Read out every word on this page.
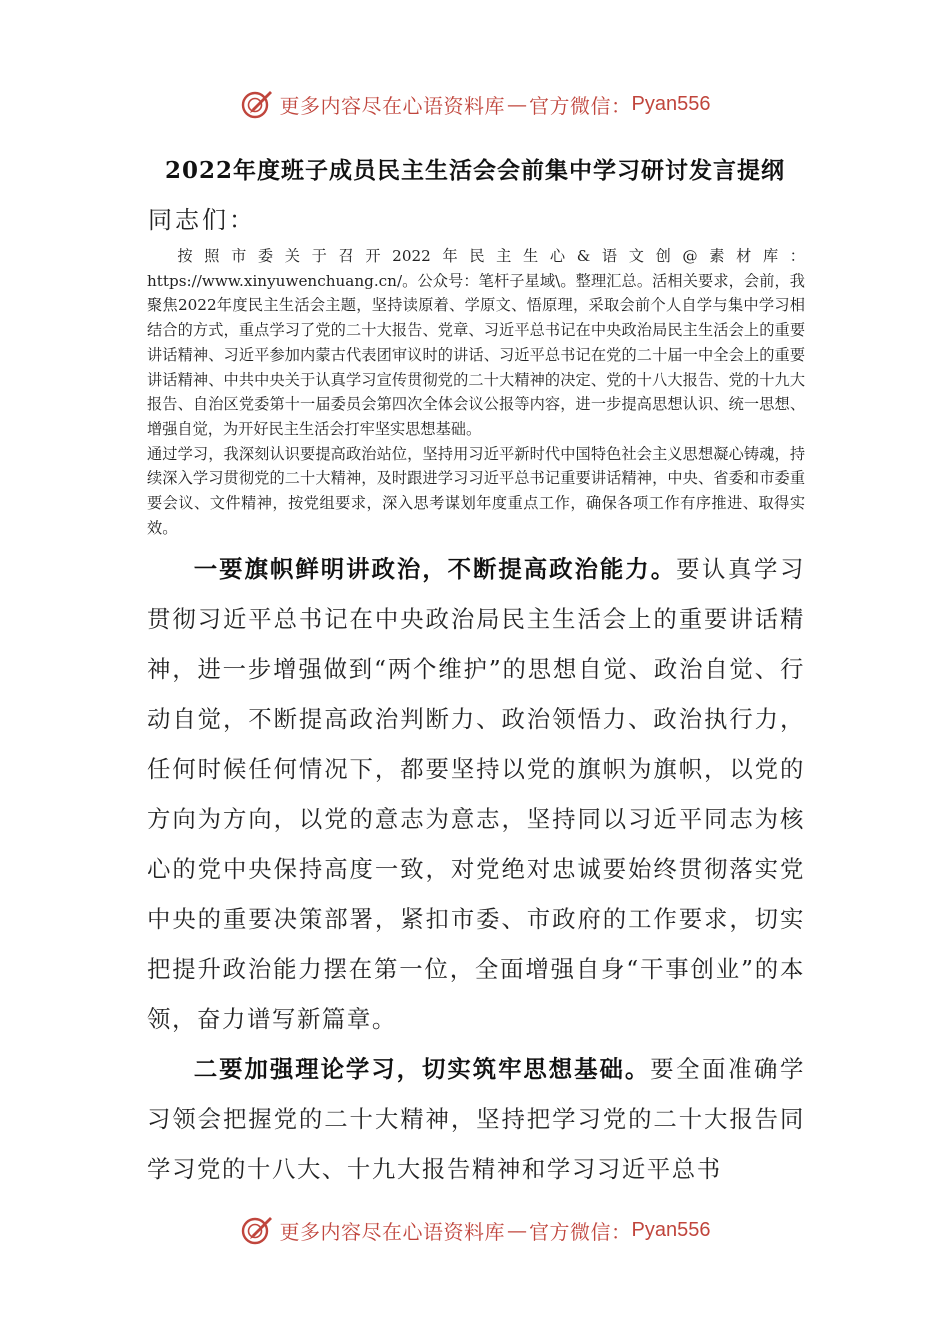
更多内容尽在心语资料库 — 官方微信： Pyan556
2022年度班子成员民主生活会会前集中学习研讨发言提纲
同志们：

按照市委关于召开2022年民主生心&语文创@素材库：https://www.xinyuwenchuang.cn/。公众号：笔杆子星域\。整理汇总。活相关要求，会前，我聚焦2022年度民主生活会主题，坚持读原着、学原文、悟原理，采取会前个人自学与集中学习相结合的方式，重点学习了党的二十大报告、党章、习近平总书记在中央政治局民主生活会上的重要讲话精神、习近平参加内蒙古代表团审议时的讲话、习近平总书记在党的二十届一中全会上的重要讲话精神、中共中央关于认真学习宣传贯彻党的二十大精神的决定、党的十八大报告、党的十九大报告、自治区党委第十一届委员会第四次全体会议公报等内容，进一步提高思想认识、统一思想、增强自觉，为开好民主生活会打牢坚实思想基础。

通过学习，我深刻认识要提高政治站位，坚持用习近平新时代中国特色社会主义思想凝心铸魂，持续深入学习贯彻党的二十大精神，及时跟进学习习近平总书记重要讲话精神，中央、省委和市委重要会议、文件精神，按党组要求，深入思考谋划年度重点工作，确保各项工作有序推进、取得实效。

一要旗帜鲜明讲政治，不断提高政治能力。要认真学习贯彻习近平总书记在中央政治局民主生活会上的重要讲话精神，进一步增强做到“两个维护”的思想自觉、政治自觉、行动自觉，不断提高政治判断力、政治领悟力、政治执行力，任何时候任何情况下，都要坚持以党的旗帜为旗帜，以党的方向为方向，以党的意志为意志，坚持同以习近平同志为核心的党中央保持高度一致，对党绝对忠诚要始终贯彻落实党中央的重要决策部署，紧扣市委、市政府的工作要求，切实把提升政治能力摆在第一位，全面增强自身“干事创业”的本领，奋力谱写新篇章。
二要加强理论学习，切实筑牢思想基础。要全面准确学习领会把握党的二十大精神，坚持把学习党的二十大报告同学习党的十八大、十九大报告精神和学习习近平总书
更多内容尽在心语资料库 — 官方微信： Pyan556
